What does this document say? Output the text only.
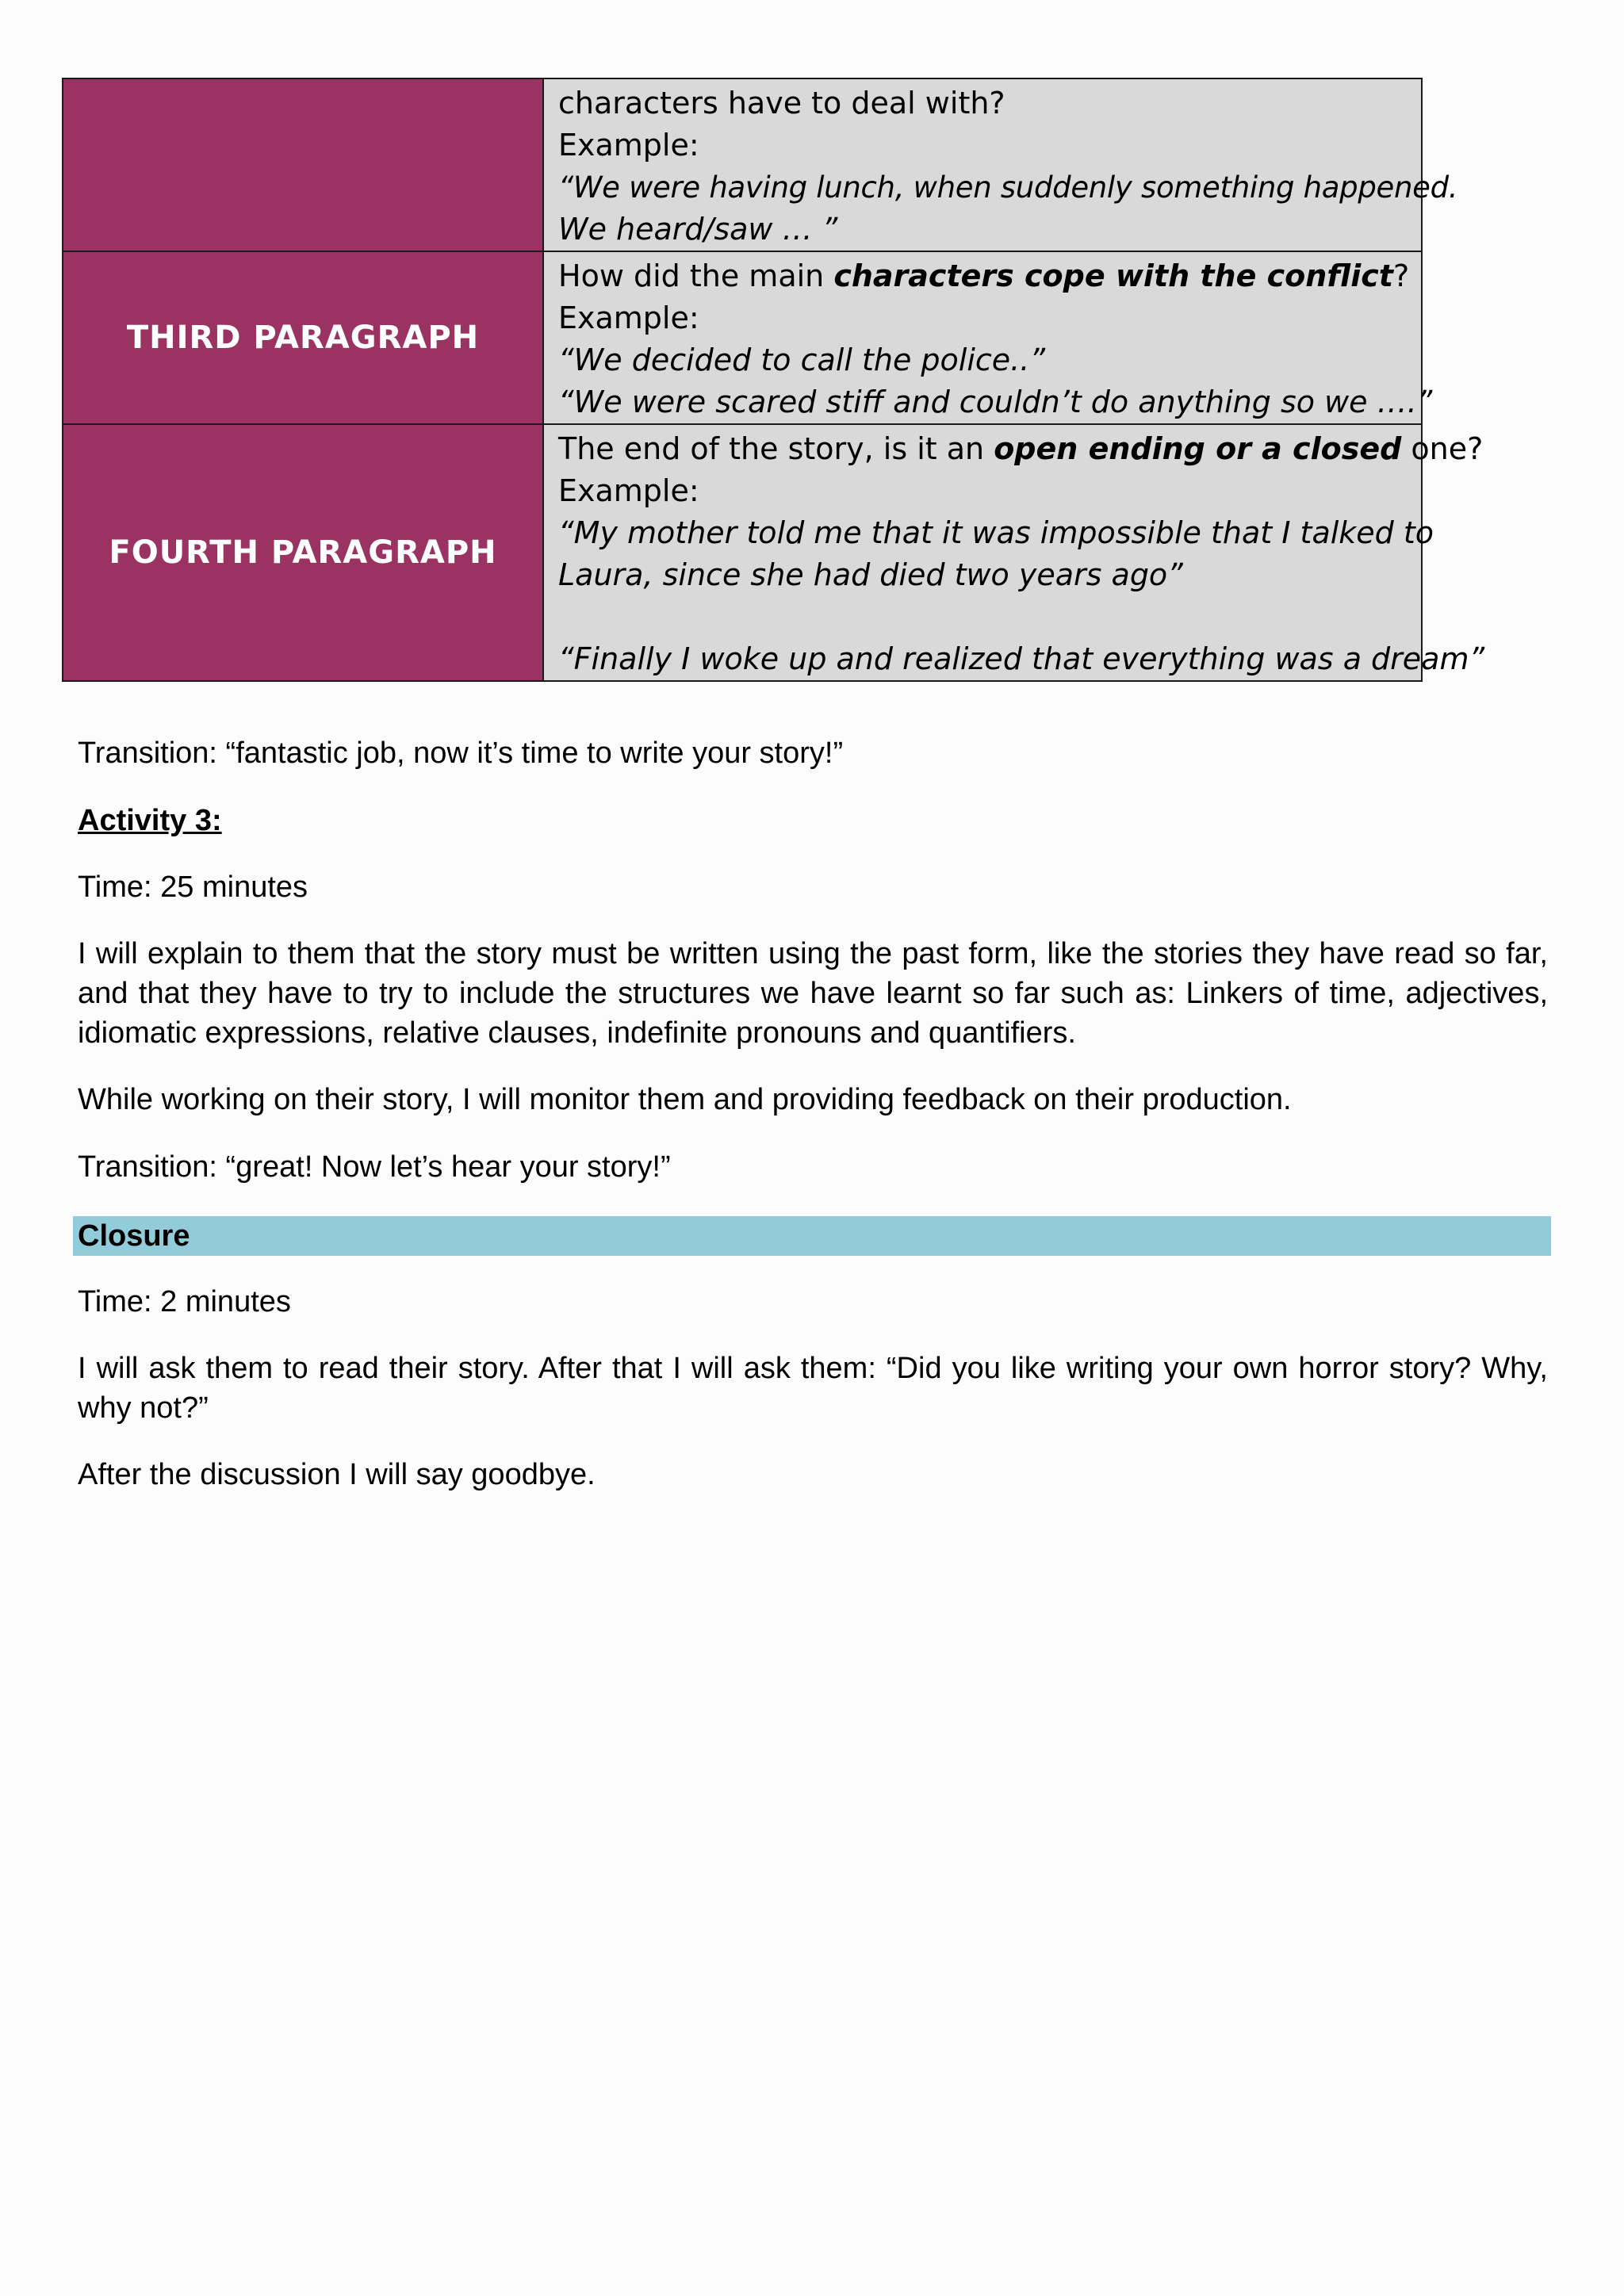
	characters have to deal with?
Example:
“We were having lunch, when suddenly something happened.
We heard/saw … ”

THIRD PARAGRAPH	How did the main characters cope with the conflict?
Example:
“We decided to call the police..”
“We were scared stiff and couldn’t do anything so we ….”

FOURTH PARAGRAPH	The end of the story, is it an open ending or a closed one?
Example:
“My mother told me that it was impossible that I talked to
Laura, since she had died two years ago”
“Finally I woke up and realized that everything was a dream”

Transition: “fantastic job, now it’s time to write your story!”

Activity 3:

Time: 25 minutes

I will explain to them that the story must be written using the past form, like the stories they have read so far, and that they have to try to include the structures we have learnt so far such as: Linkers of time, adjectives, idiomatic expressions, relative clauses, indefinite pronouns and quantifiers.

While working on their story, I will monitor them and providing feedback on their production.

Transition: “great! Now let’s hear your story!”

Closure

Time: 2 minutes

I will ask them to read their story. After that I will ask them: “Did you like writing your own horror story? Why, why not?”

After the discussion I will say goodbye.
